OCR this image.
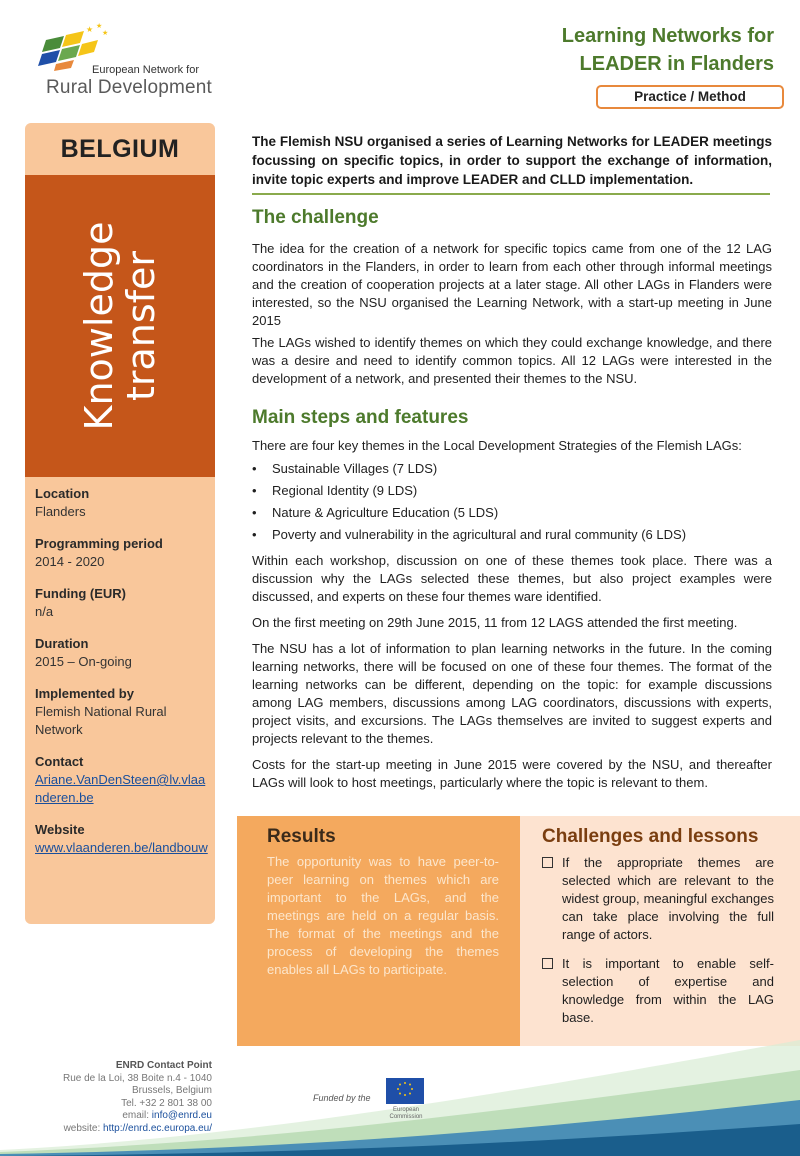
★ ★
★
European Network for
Rural Development
Learning Networks for
LEADER in Flanders
Practice / Method
BELGIUM
Knowledge
transfer
Location
Flanders
Programming period
2014 - 2020
Funding (EUR)
n/a
Duration
2015 – On-going
Implemented by
Flemish National Rural Network
Contact
Ariane.VanDenSteen@lv.vlaanderen.be
Website
www.vlaanderen.be/landbouw
The Flemish NSU organised a series of Learning Networks for LEADER meetings focussing on specific topics, in order to support the exchange of information, invite topic experts and improve LEADER and CLLD implementation.
The challenge
The idea for the creation of a network for specific topics came from one of the 12 LAG coordinators in the Flanders, in order to learn from each other through informal meetings and the creation of cooperation projects at a later stage. All other LAGs in Flanders were interested, so the NSU organised the Learning Network, with a start-up meeting in June 2015
The LAGs wished to identify themes on which they could exchange knowledge, and there was a desire and need to identify common topics. All 12 LAGs were interested in the development of a network, and presented their themes to the NSU.
Main steps and features
There are four key themes in the Local Development Strategies of the Flemish LAGs:
• Sustainable Villages (7 LDS)
• Regional Identity (9 LDS)
• Nature & Agriculture Education (5 LDS)
• Poverty and vulnerability in the agricultural and rural community (6 LDS)
Within each workshop, discussion on one of these themes took place. There was a discussion why the LAGs selected these themes, but also project examples were discussed, and experts on these four themes ware identified.
On the first meeting on 29th June 2015, 11 from 12 LAGS attended the first meeting.
The NSU has a lot of information to plan learning networks in the future. In the coming learning networks, there will be focused on one of these four themes. The format of the learning networks can be different, depending on the topic: for example discussions among LAG members, discussions among LAG coordinators, discussions with experts, project visits, and excursions. The LAGs themselves are invited to suggest experts and projects relevant to the themes.
Costs for the start-up meeting in June 2015 were covered by the NSU, and thereafter LAGs will look to host meetings, particularly where the topic is relevant to them.
Results
The opportunity was to have peer-to-peer learning on themes which are important to the LAGs, and the meetings are held on a regular basis. The format of the meetings and the process of developing the themes enables all LAGs to participate.
Challenges and lessons
If the appropriate themes are selected which are relevant to the widest group, meaningful exchanges can take place involving the full range of actors.
It is important to enable self-selection of expertise and knowledge from within the LAG base.
ENRD Contact Point
Rue de la Loi, 38 Boite n.4 - 1040
Brussels, Belgium
Tel. +32 2 801 38 00
email: info@enrd.eu
website: http://enrd.ec.europa.eu/
Funded by the
European Commission
